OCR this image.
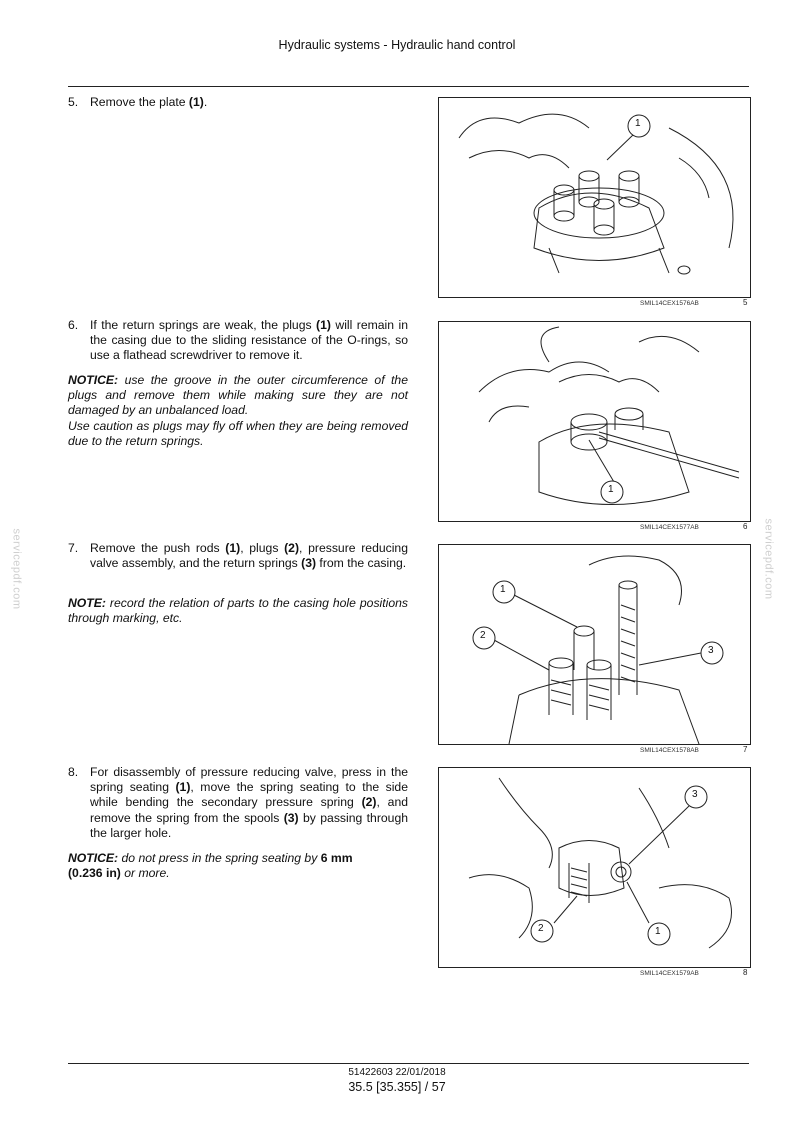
Hydraulic systems - Hydraulic hand control
5. Remove the plate (1).
1
SMIL14CEX1576AB	5
6. If the return springs are weak, the plugs (1) will remain in the casing due to the sliding resistance of the O-rings, so use a flathead screwdriver to remove it.
NOTICE: use the groove in the outer circumference of the plugs and remove them while making sure they are not damaged by an unbalanced load.
Use caution as plugs may fly off when they are being removed due to the return springs.
1
SMIL14CEX1577AB	6
7. Remove the push rods (1), plugs (2), pressure reducing valve assembly, and the return springs (3) from the casing.
NOTE: record the relation of parts to the casing hole positions through marking, etc.
1
2
3
SMIL14CEX1578AB	7
8. For disassembly of pressure reducing valve, press in the spring seating (1), move the spring seating to the side while bending the secondary pressure spring (2), and remove the spring from the spools (3) by passing through the larger hole.
NOTICE: do not press in the spring seating by 6 mm
(0.236 in) or more.
3
2	1
SMIL14CEX1579AB	8
servicepdf.com	servicepdf.com
51422603 22/01/2018
35.5 [35.355] / 57
